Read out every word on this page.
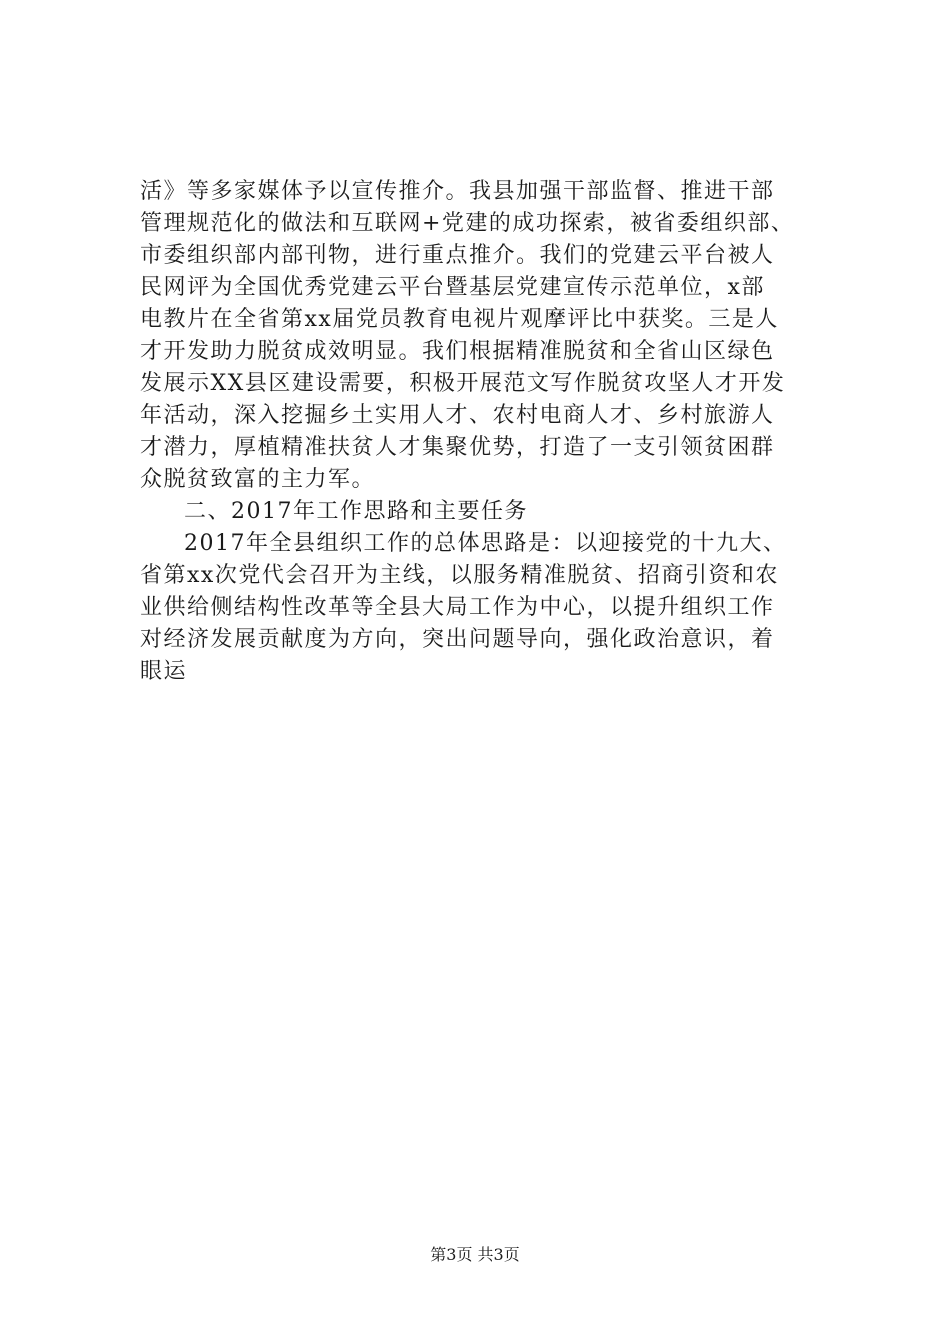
活》等多家媒体予以宣传推介。我县加强干部监督、推进干部
管理规范化的做法和互联网+党建的成功探索，被省委组织部、
市委组织部内部刊物，进行重点推介。我们的党建云平台被人
民网评为全国优秀党建云平台暨基层党建宣传示范单位，x部
电教片在全省第xx届党员教育电视片观摩评比中获奖。三是人
才开发助力脱贫成效明显。我们根据精准脱贫和全省山区绿色
发展示XX县区建设需要，积极开展范文写作脱贫攻坚人才开发
年活动，深入挖掘乡土实用人才、农村电商人才、乡村旅游人
才潜力，厚植精准扶贫人才集聚优势，打造了一支引领贫困群
众脱贫致富的主力军。
二、2017年工作思路和主要任务
2017年全县组织工作的总体思路是：以迎接党的十九大、
省第xx次党代会召开为主线，以服务精准脱贫、招商引资和农
业供给侧结构性改革等全县大局工作为中心，以提升组织工作
对经济发展贡献度为方向，突出问题导向，强化政治意识，着
眼运
第3页 共3页
